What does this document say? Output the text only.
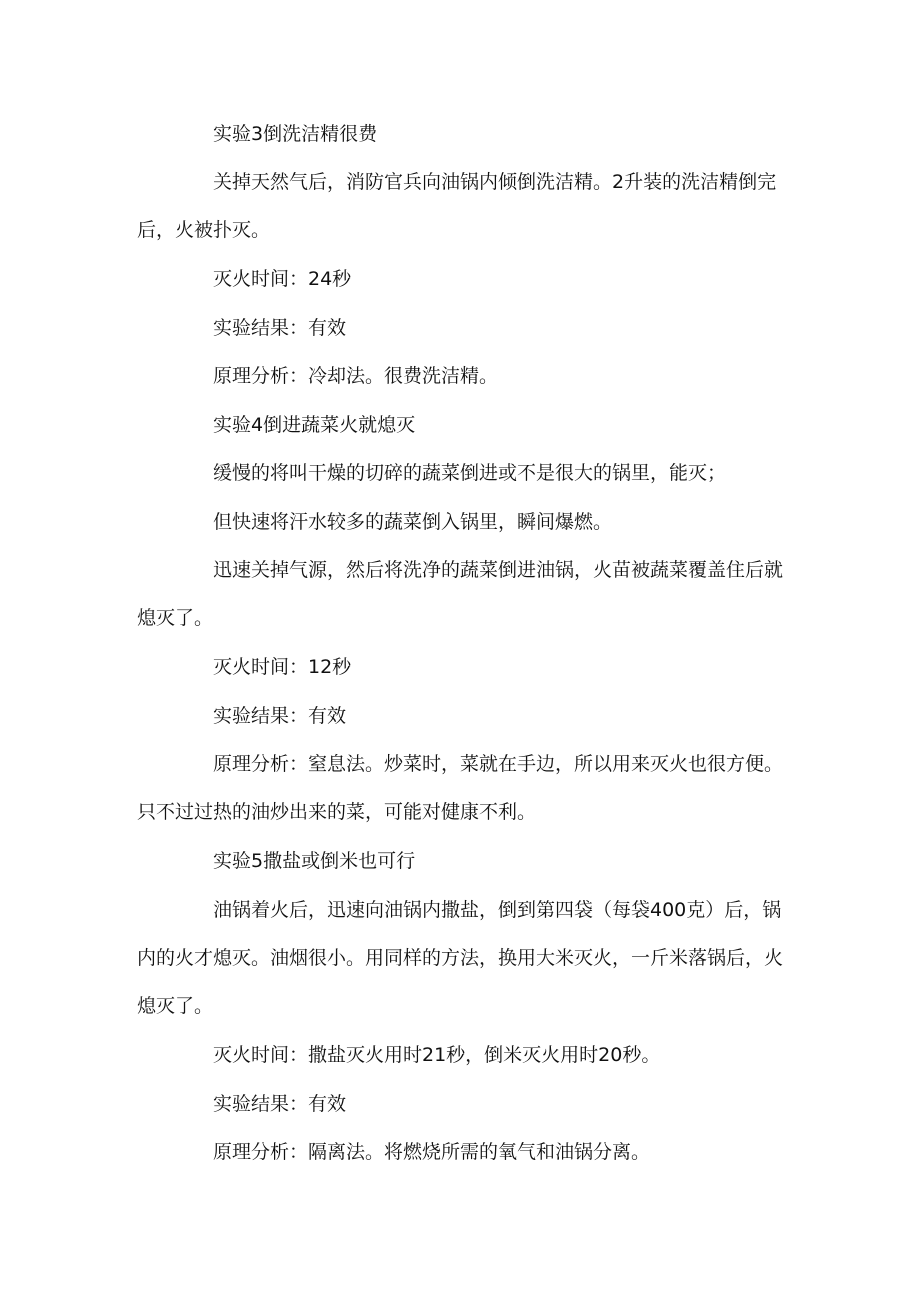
实验3倒洗洁精很费

关掉天然气后，消防官兵向油锅内倾倒洗洁精。2升装的洗洁精倒完后，火被扑灭。

灭火时间：24秒

实验结果：有效

原理分析：冷却法。很费洗洁精。

实验4倒进蔬菜火就熄灭

缓慢的将叫干燥的切碎的蔬菜倒进或不是很大的锅里，能灭；

但快速将汗水较多的蔬菜倒入锅里，瞬间爆燃。

迅速关掉气源，然后将洗净的蔬菜倒进油锅，火苗被蔬菜覆盖住后就熄灭了。

灭火时间：12秒

实验结果：有效

原理分析：窒息法。炒菜时，菜就在手边，所以用来灭火也很方便。只不过过热的油炒出来的菜，可能对健康不利。

实验5撒盐或倒米也可行

油锅着火后，迅速向油锅内撒盐，倒到第四袋（每袋400克）后，锅内的火才熄灭。油烟很小。用同样的方法，换用大米灭火，一斤米落锅后，火熄灭了。

灭火时间：撒盐灭火用时21秒，倒米灭火用时20秒。

实验结果：有效

原理分析：隔离法。将燃烧所需的氧气和油锅分离。
